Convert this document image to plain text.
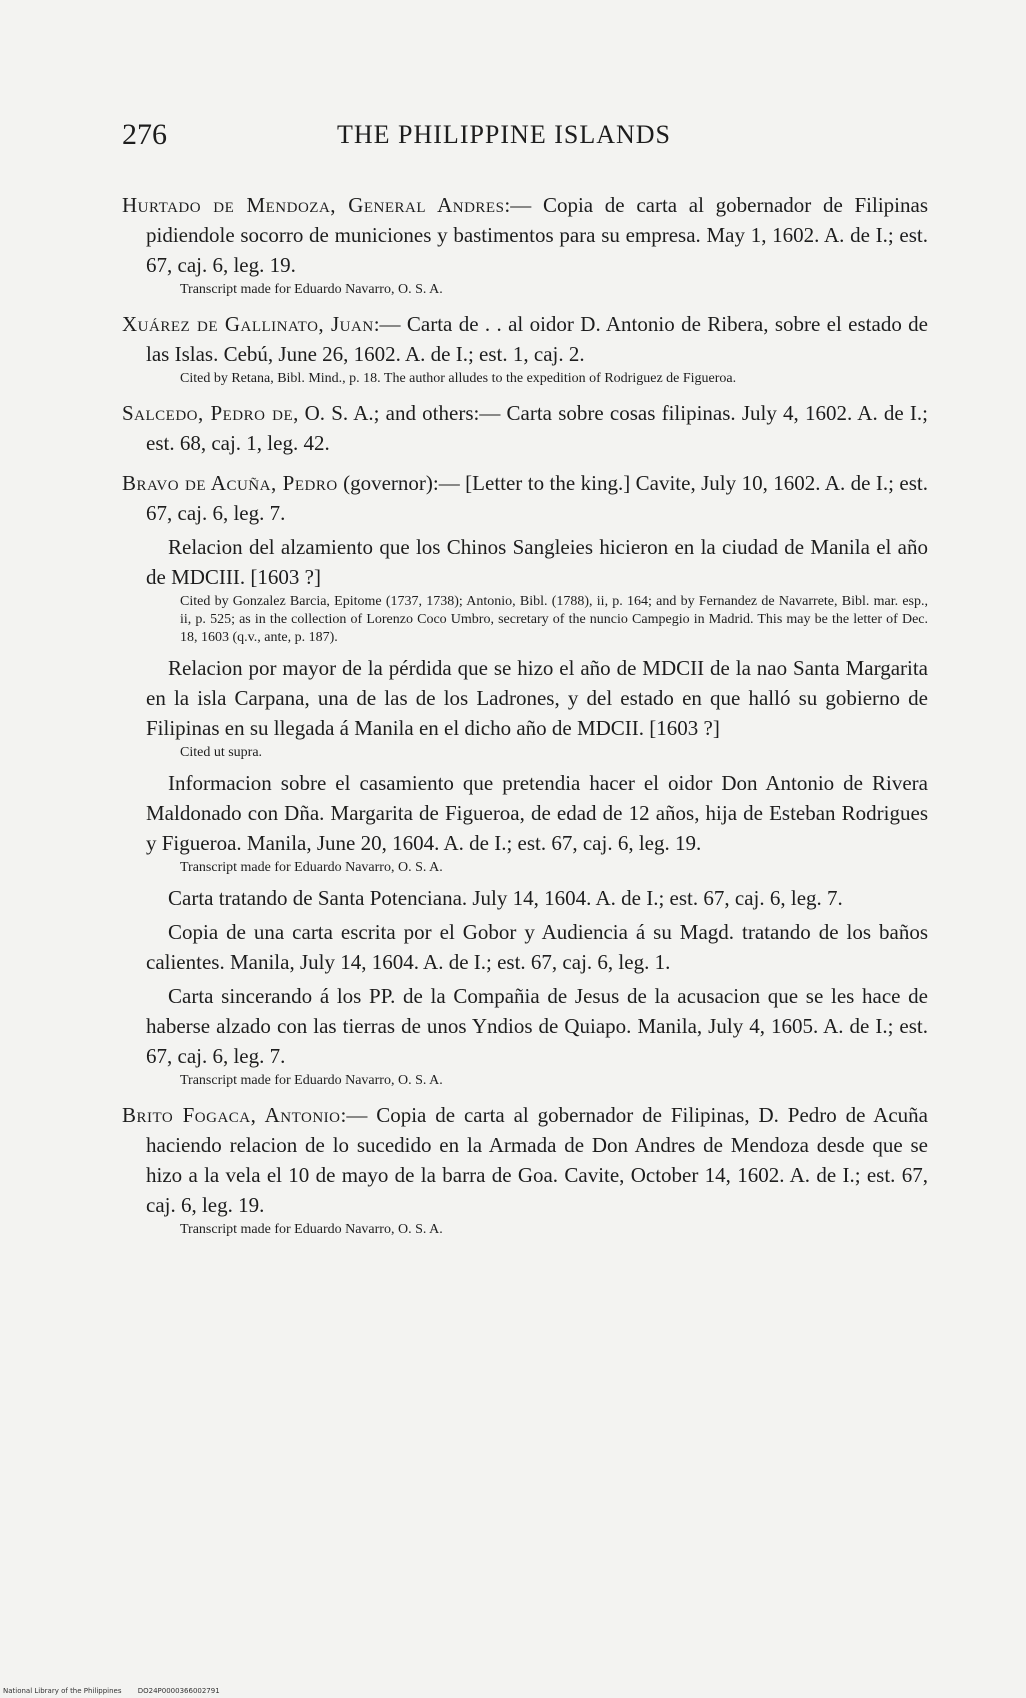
276	THE PHILIPPINE ISLANDS
Hurtado de Mendoza, General Andres:— Copia de carta al gobernador de Filipinas pidiendole socorro de municiones y bastimentos para su empresa. May 1, 1602. A. de I.; est. 67, caj. 6, leg. 19.
Transcript made for Eduardo Navarro, O. S. A.
Xuárez de Gallinato, Juan:— Carta de . . al oidor D. Antonio de Ribera, sobre el estado de las Islas. Cebú, June 26, 1602. A. de I.; est. 1, caj. 2.
Cited by Retana, Bibl. Mind., p. 18. The author alludes to the expedition of Rodriguez de Figueroa.
Salcedo, Pedro de, O. S. A.; and others:— Carta sobre cosas filipinas. July 4, 1602. A. de I.; est. 68, caj. 1, leg. 42.
Bravo de Acuña, Pedro (governor):— [Letter to the king.] Cavite, July 10, 1602. A. de I.; est. 67, caj. 6, leg. 7.
Relacion del alzamiento que los Chinos Sangleies hicieron en la ciudad de Manila el año de MDCIII. [1603 ?]
Cited by Gonzalez Barcia, Epitome (1737, 1738); Antonio, Bibl. (1788), ii, p. 164; and by Fernandez de Navarrete, Bibl. mar. esp., ii, p. 525; as in the collection of Lorenzo Coco Umbro, secretary of the nuncio Campegio in Madrid. This may be the letter of Dec. 18, 1603 (q.v., ante, p. 187).
Relacion por mayor de la pérdida que se hizo el año de MDCII de la nao Santa Margarita en la isla Carpana, una de las de los Ladrones, y del estado en que halló su gobierno de Filipinas en su llegada á Manila en el dicho año de MDCII. [1603 ?]
Cited ut supra.
Informacion sobre el casamiento que pretendia hacer el oidor Don Antonio de Rivera Maldonado con Dña. Margarita de Figueroa, de edad de 12 años, hija de Esteban Rodrigues y Figueroa. Manila, June 20, 1604. A. de I.; est. 67, caj. 6, leg. 19.
Transcript made for Eduardo Navarro, O. S. A.
Carta tratando de Santa Potenciana. July 14, 1604. A. de I.; est. 67, caj. 6, leg. 7.
Copia de una carta escrita por el Gobor y Audiencia á su Magd. tratando de los baños calientes. Manila, July 14, 1604. A. de I.; est. 67, caj. 6, leg. 1.
Carta sincerando á los PP. de la Compañia de Jesus de la acusacion que se les hace de haberse alzado con las tierras de unos Yndios de Quiapo. Manila, July 4, 1605. A. de I.; est. 67, caj. 6, leg. 7.
Transcript made for Eduardo Navarro, O. S. A.
Brito Fogaca, Antonio:— Copia de carta al gobernador de Filipinas, D. Pedro de Acuña haciendo relacion de lo sucedido en la Armada de Don Andres de Mendoza desde que se hizo a la vela el 10 de mayo de la barra de Goa. Cavite, October 14, 1602. A. de I.; est. 67, caj. 6, leg. 19.
Transcript made for Eduardo Navarro, O. S. A.
National Library of the Philippines DO24P0000366002791
